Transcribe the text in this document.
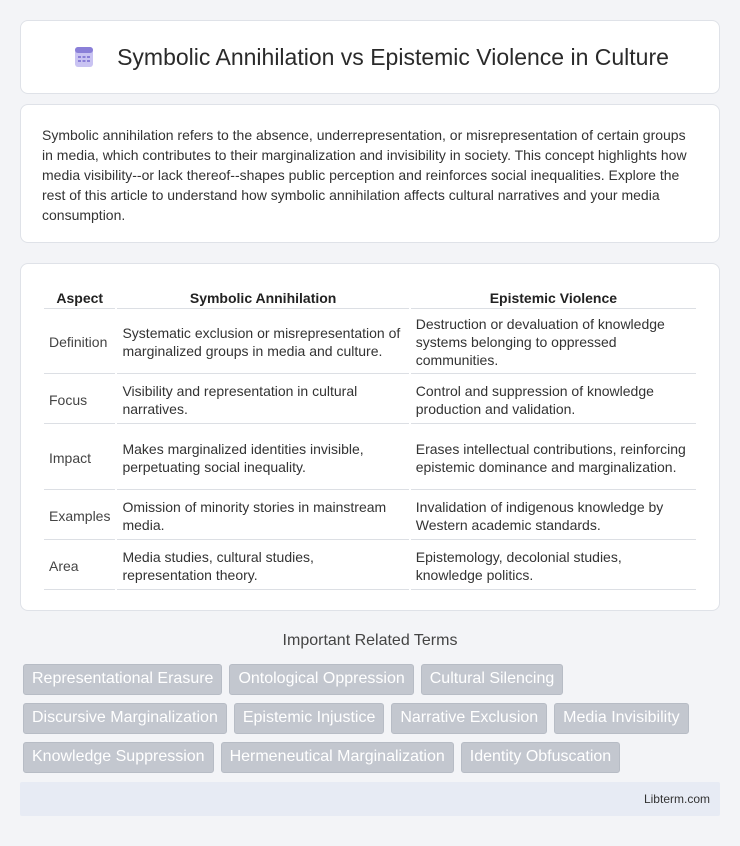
Symbolic Annihilation vs Epistemic Violence in Culture

Symbolic annihilation refers to the absence, underrepresentation, or misrepresentation of certain groups in media, which contributes to their marginalization and invisibility in society. This concept highlights how media visibility--or lack thereof--shapes public perception and reinforces social inequalities. Explore the rest of this article to understand how symbolic annihilation affects cultural narratives and your media consumption.

Aspect	Symbolic Annihilation	Epistemic Violence
Definition	Systematic exclusion or misrepresentation of marginalized groups in media and culture.	Destruction or devaluation of knowledge systems belonging to oppressed communities.
Focus	Visibility and representation in cultural narratives.	Control and suppression of knowledge production and validation.
Impact	Makes marginalized identities invisible, perpetuating social inequality.	Erases intellectual contributions, reinforcing epistemic dominance and marginalization.
Examples	Omission of minority stories in mainstream media.	Invalidation of indigenous knowledge by Western academic standards.
Area	Media studies, cultural studies, representation theory.	Epistemology, decolonial studies, knowledge politics.
Important Related Terms
Representational Erasure	Ontological Oppression	Cultural Silencing
Discursive Marginalization	Epistemic Injustice	Narrative Exclusion	Media Invisibility
Knowledge Suppression	Hermeneutical Marginalization	Identity Obfuscation
Libterm.com
